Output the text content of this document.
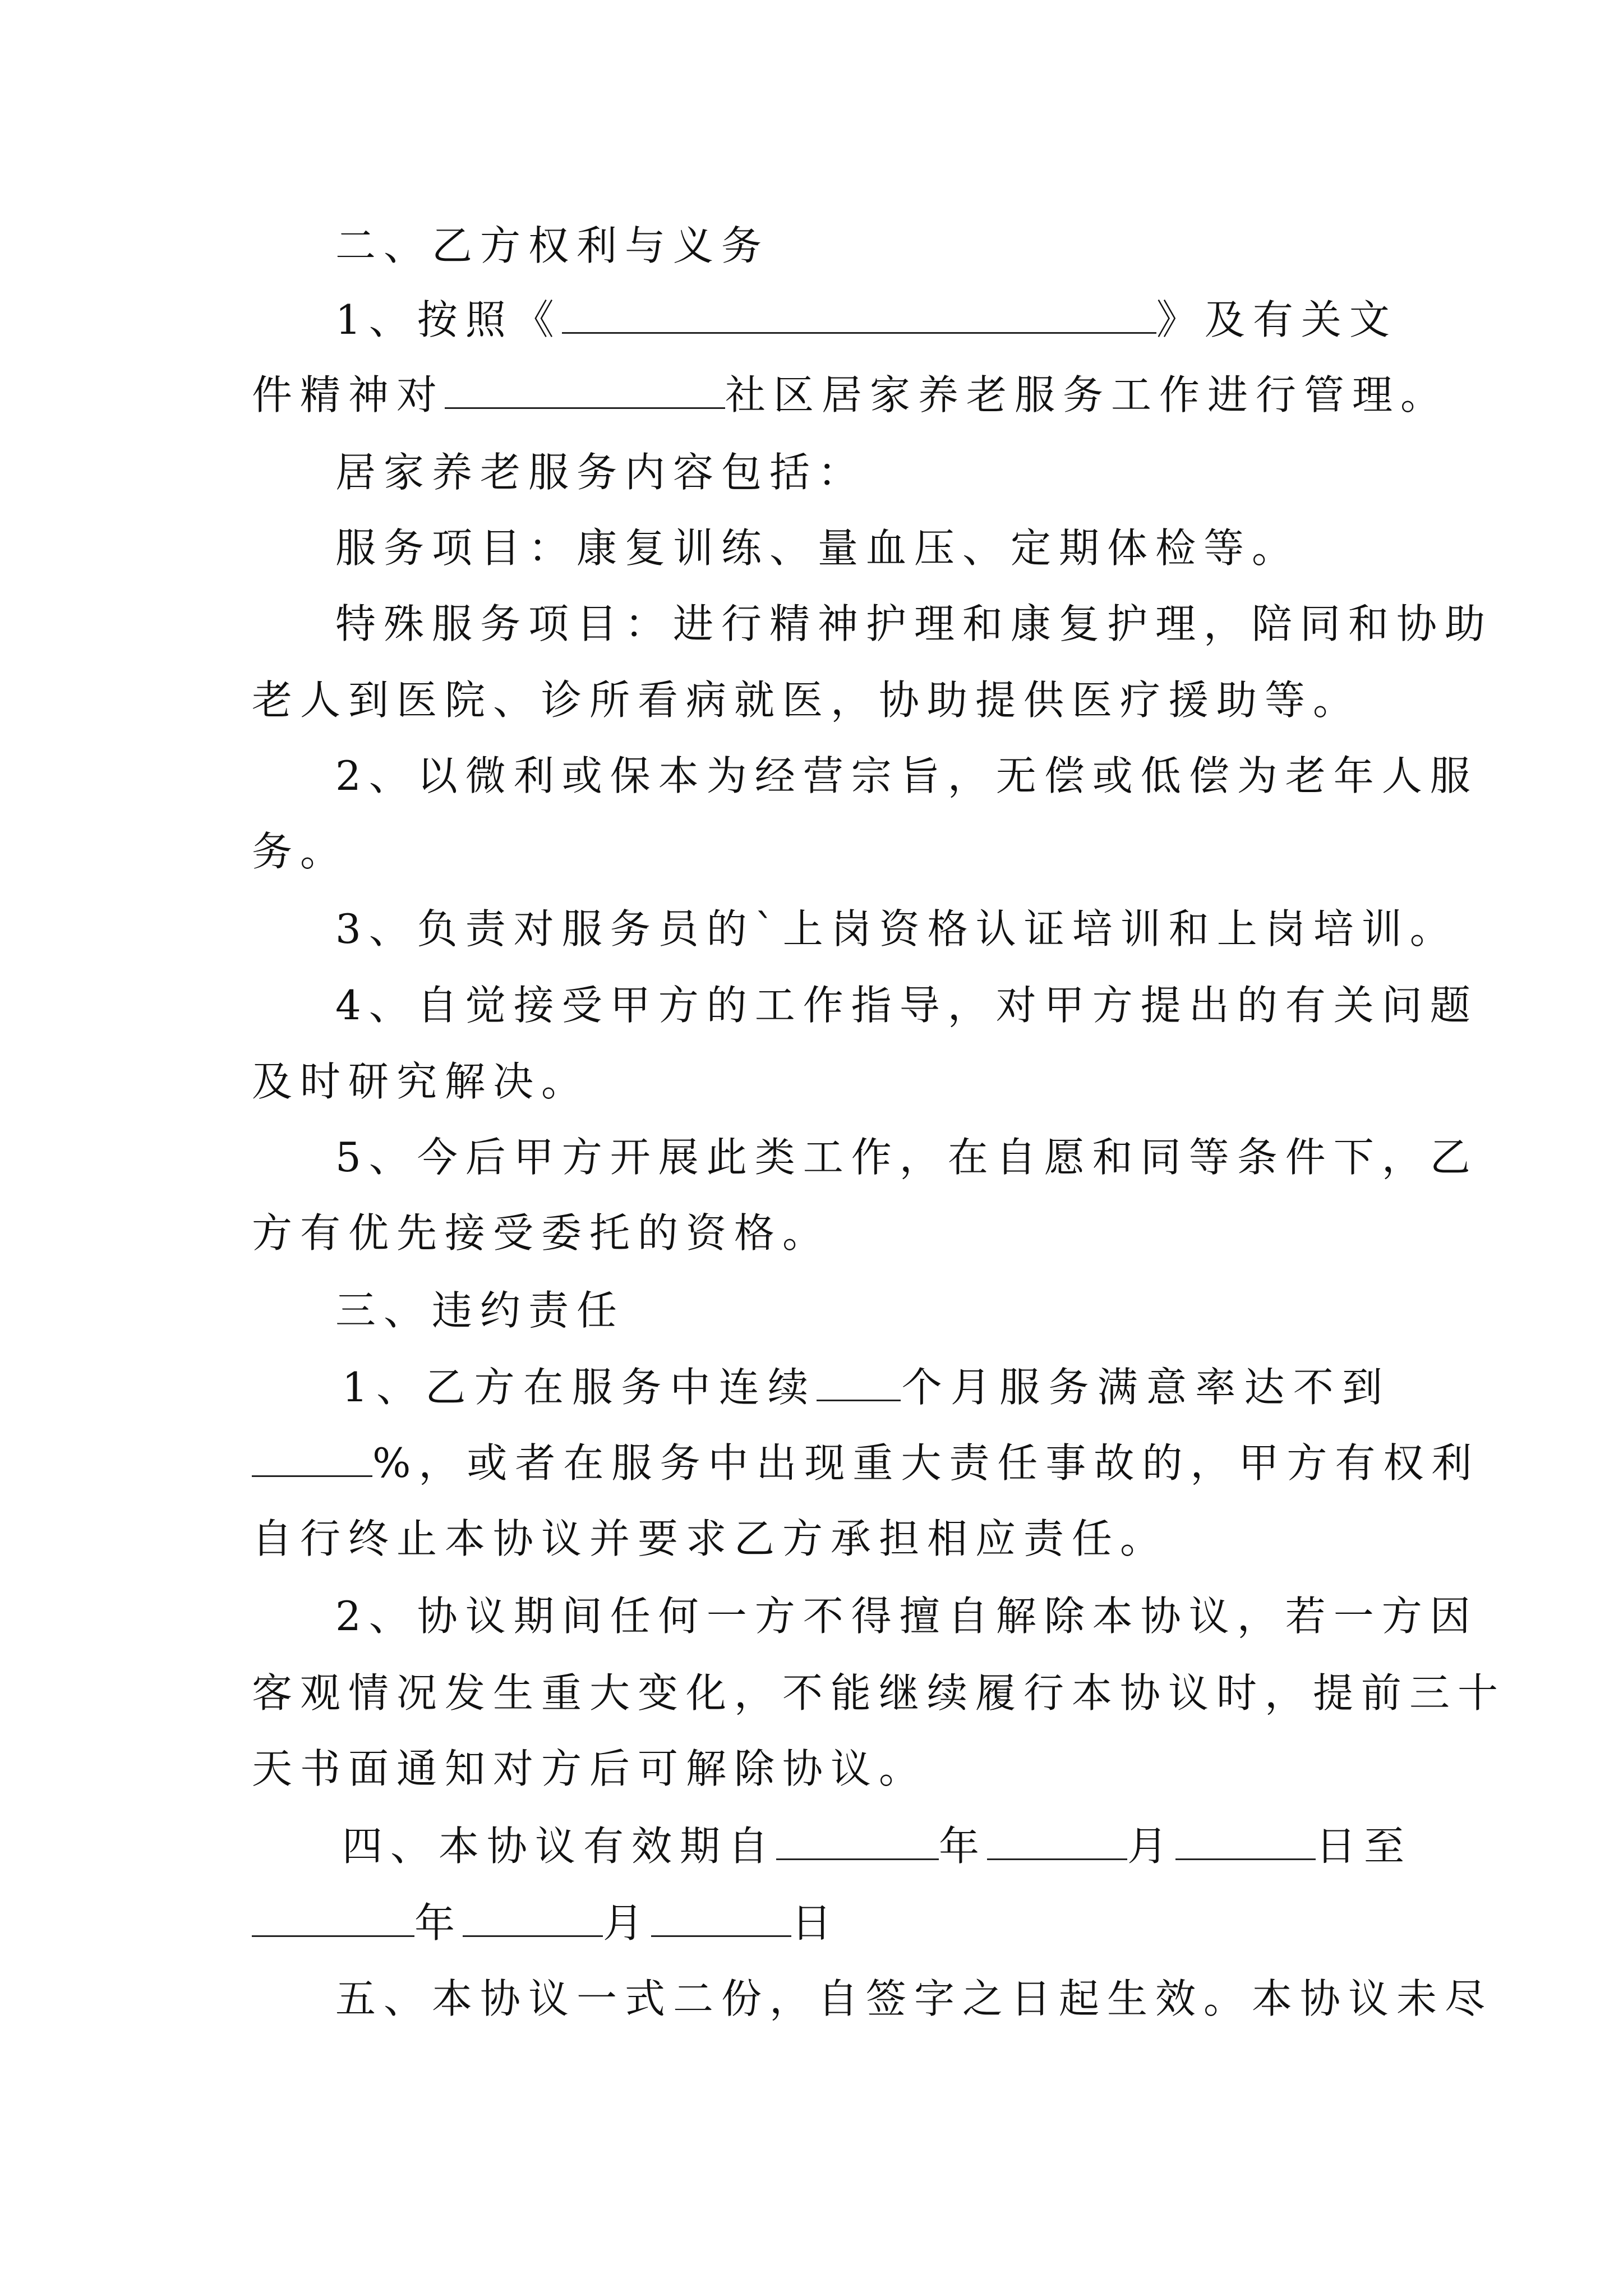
二、乙方权利与义务
1、按照《	》及有关文
件精神对	社区居家养老服务工作进行管理。
居家养老服务内容包括：
服务项目：康复训练、量血压、定期体检等。
特殊服务项目：进行精神护理和康复护理，陪同和协助
老人到医院、诊所看病就医，协助提供医疗援助等。
2、以微利或保本为经营宗旨，无偿或低偿为老年人服
务。
3、负责对服务员的`上岗资格认证培训和上岗培训。
4、自觉接受甲方的工作指导，对甲方提出的有关问题
及时研究解决。
5、今后甲方开展此类工作，在自愿和同等条件下，乙
方有优先接受委托的资格。
三、违约责任
1、乙方在服务中连续 个月服务满意率达不到
%，或者在服务中出现重大责任事故的，甲方有权利
自行终止本协议并要求乙方承担相应责任。
2、协议期间任何一方不得擅自解除本协议，若一方因
客观情况发生重大变化，不能继续履行本协议时，提前三十
天书面通知对方后可解除协议。
四、本协议有效期自	年	月	日至
年	月	日
五、本协议一式二份，自签字之日起生效。本协议未尽
